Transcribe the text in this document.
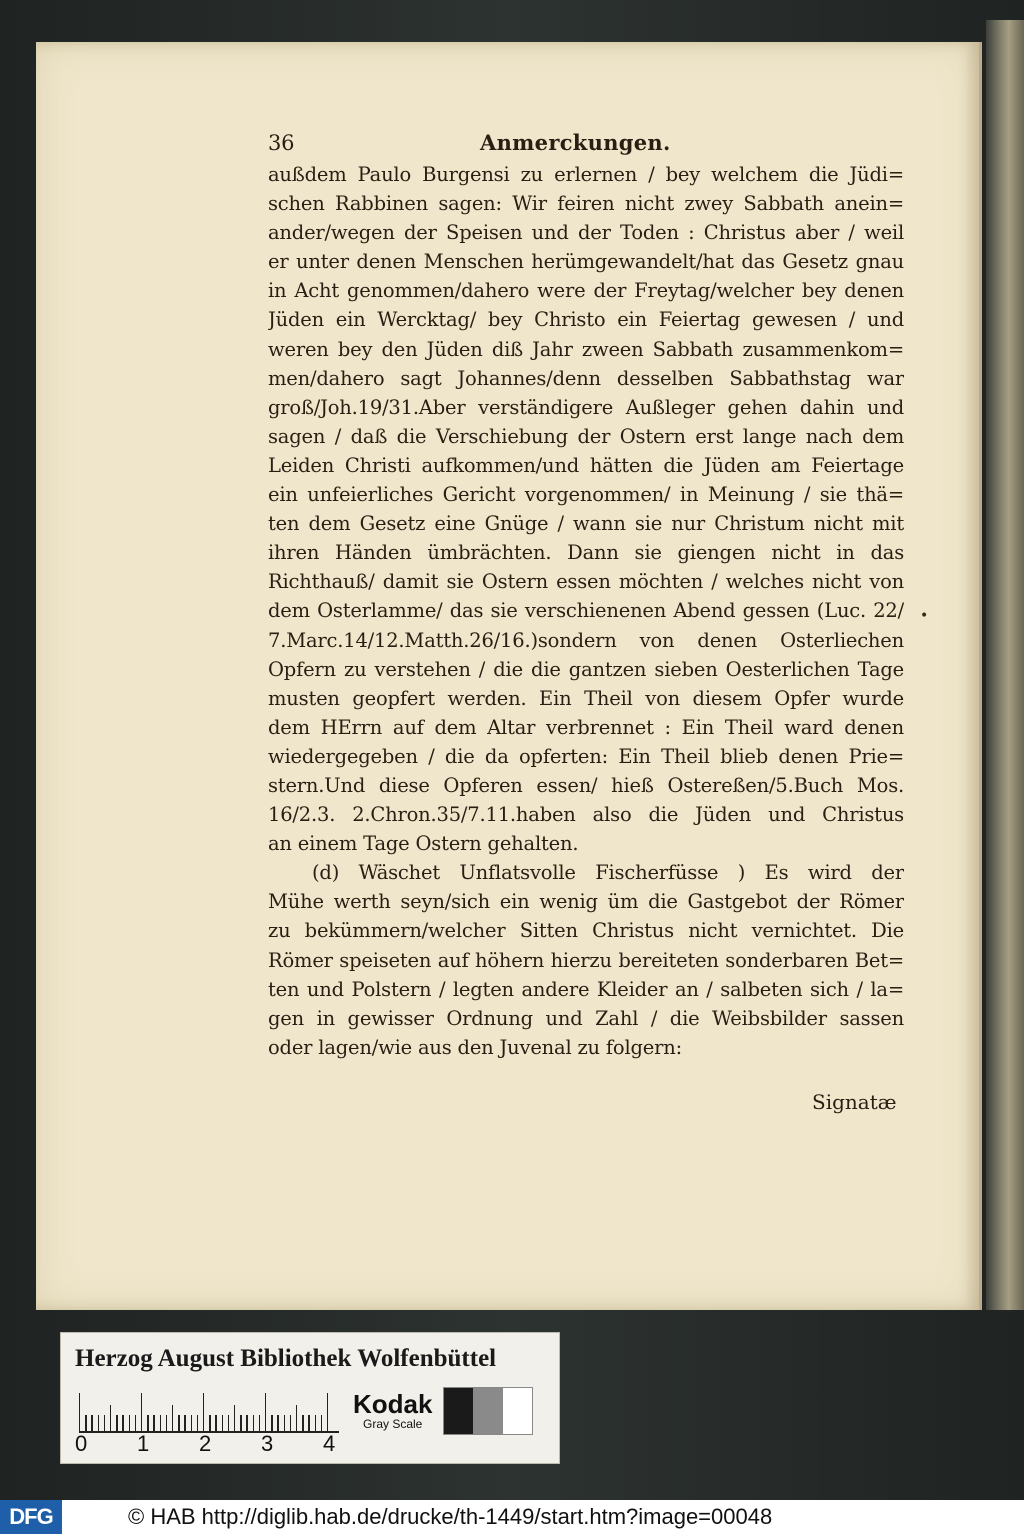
36	Anmerckungen.
außdem Paulo Burgensi zu erlernen / bey welchem die Jüdi=
schen Rabbinen sagen: Wir feiren nicht zwey Sabbath anein=
ander/wegen der Speisen und der Toden : Christus aber / weil
er unter denen Menschen herümgewandelt/hat das Gesetz gnau
in Acht genommen/dahero were der Freytag/welcher bey denen
Jüden ein Wercktag/ bey Christo ein Feiertag gewesen / und
weren bey den Jüden diß Jahr zween Sabbath zusammenkom=
men/dahero sagt Johannes/denn desselben Sabbathstag war
groß/Joh.19/31.Aber verständigere Außleger gehen dahin und
sagen / daß die Verschiebung der Ostern erst lange nach dem
Leiden Christi aufkommen/und hätten die Jüden am Feiertage
ein unfeierliches Gericht vorgenommen/ in Meinung / sie thä=
ten dem Gesetz eine Gnüge / wann sie nur Christum nicht mit
ihren Händen ümbrächten. Dann sie giengen nicht in das
Richthauß/ damit sie Ostern essen möchten / welches nicht von
dem Osterlamme/ das sie verschienenen Abend gessen (Luc. 22/
7.Marc.14/12.Matth.26/16.)sondern von denen Osterliechen
Opfern zu verstehen / die die gantzen sieben Oesterlichen Tage
musten geopfert werden. Ein Theil von diesem Opfer wurde
dem HErrn auf dem Altar verbrennet : Ein Theil ward denen
wiedergegeben / die da opferten: Ein Theil blieb denen Prie=
stern.Und diese Opferen essen/ hieß Ostereßen/5.Buch Mos.
16/2.3. 2.Chron.35/7.11.haben also die Jüden und Christus
an einem Tage Ostern gehalten.
(d) Wäschet Unflatsvolle Fischerfüsse ) Es wird der
Mühe werth seyn/sich ein wenig üm die Gastgebot der Römer
zu bekümmern/welcher Sitten Christus nicht vernichtet. Die
Römer speiseten auf höhern hierzu bereiteten sonderbaren Bet=
ten und Polstern / legten andere Kleider an / salbeten sich / la=
gen in gewisser Ordnung und Zahl / die Weibsbilder sassen
oder lagen/wie aus den Juvenal zu folgern:
•
Signatæ
Herzog August Bibliothek Wolfenbüttel
0 1 2 3 4
Kodak
Gray Scale
DFG	© HAB http://diglib.hab.de/drucke/th-1449/start.htm?image=00048
